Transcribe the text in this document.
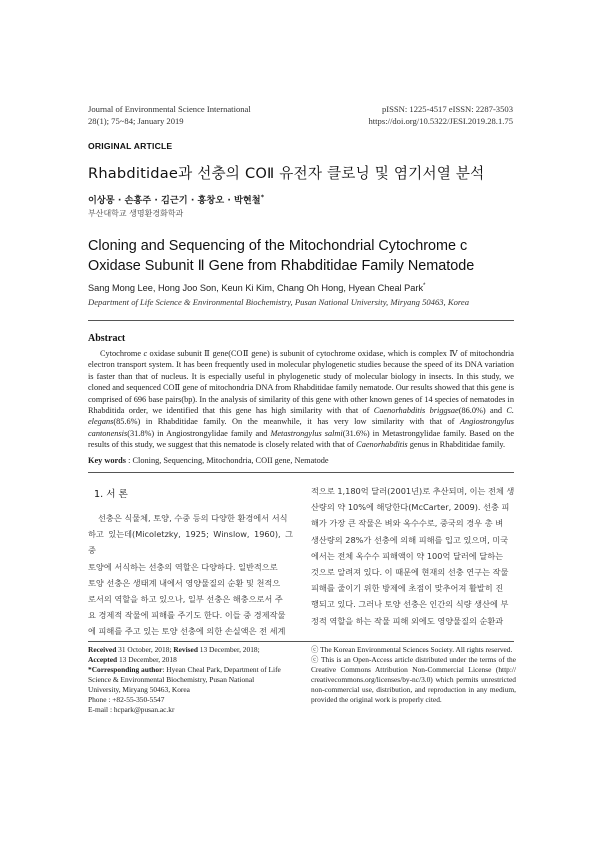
Journal of Environmental Science International
28(1); 75~84; January 2019
pISSN: 1225-4517 eISSN: 2287-3503
https://doi.org/10.5322/JESI.2019.28.1.75
ORIGINAL ARTICLE
Rhabditidae과 선충의 COⅡ 유전자 클로닝 및 염기서열 분석
이상몽 · 손홍주 · 김근기 · 홍창오 · 박현철*
부산대학교 생명환경화학과
Cloning and Sequencing of the Mitochondrial Cytochrome c
Oxidase Subunit Ⅱ Gene from Rhabditidae Family Nematode
Sang Mong Lee, Hong Joo Son, Keun Ki Kim, Chang Oh Hong, Hyean Cheal Park*
Department of Life Science & Environmental Biochemistry, Pusan National University, Miryang 50463, Korea
Abstract

Cytochrome c oxidase subunit Ⅱ gene(COⅡ gene) is subunit of cytochrome oxidase, which is complex Ⅳ of mitochondria electron transport system. It has been frequently used in molecular phylogenetic studies because the speed of its DNA variation is faster than that of nucleus. It is especially useful in phylogenetic study of molecular biology in insects. In this study, we cloned and sequenced COⅡ gene of mitochondria DNA from Rhabditidae family nematode. Our results showed that this gene is comprised of 696 base pairs(bp). In the analysis of similarity of this gene with other known genes of 14 species of nematodes in Rhabditida order, we identified that this gene has high similarity with that of Caenorhabditis briggsae(86.0%) and C. elegans(85.6%) in Rhabditidae family. On the meanwhile, it has very low similarity with that of Angiostrongylus cantonensis(31.8%) in Angiostrongylidae family and Metastrongylus salmi(31.6%) in Metastrongylidae family. Based on the results of this study, we suggest that this nematode is closely related with that of Caenorhabditis genus in Rhabditidae family.

Key words : Cloning, Sequencing, Mitochondria, COII gene, Nematode
1. 서 론

선충은 식물체, 토양, 수중 등의 다양한 환경에서 서식

하고 있는데(Micoletzky, 1925; Winslow, 1960), 그 중

토양에 서식하는 선충의 역할은 다양하다. 일반적으로

토양 선충은 생태계 내에서 영양물질의 순환 및 천적으

로서의 역할을 하고 있으나, 일부 선충은 해충으로서 주

요 경제적 작물에 피해를 주기도 한다. 이들 중 경제작물

에 피해를 주고 있는 토양 선충에 의한 손실액은 전 세계

적으로 1,180억 달러(2001년)로 추산되며, 이는 전체 생

산량의 약 10%에 해당한다(McCarter, 2009). 선충 피

해가 가장 큰 작물은 벼와 옥수수로, 중국의 경우 총 벼

생산량의 28%가 선충에 의해 피해를 입고 있으며, 미국

에서는 전체 옥수수 피해액이 약 100억 달러에 달하는

것으로 알려져 있다. 이 때문에 현재의 선충 연구는 작물

피해를 줄이기 위한 방제에 초점이 맞추어져 활발히 진

행되고 있다. 그러나 토양 선충은 인간의 식량 생산에 부

정적 역할을 하는 작물 피해 외에도 영양물질의 순환과

Received 31 October, 2018; Revised 13 December, 2018;
Accepted 13 December, 2018
*Corresponding author: Hyean Cheal Park, Department of Life Science & Environmental Biochemistry, Pusan National University, Miryang 50463, Korea
Phone : +82-55-350-5547
E-mail : hcpark@pusan.ac.kr
ⓒ The Korean Environmental Sciences Society. All rights reserved.
ⓒ This is an Open-Access article distributed under the terms of the Creative Commons Attribution Non-Commercial License (http:// creativecommons.org/licenses/by-nc/3.0) which permits unrestricted non-commercial use, distribution, and reproduction in any medium, provided the original work is properly cited.
